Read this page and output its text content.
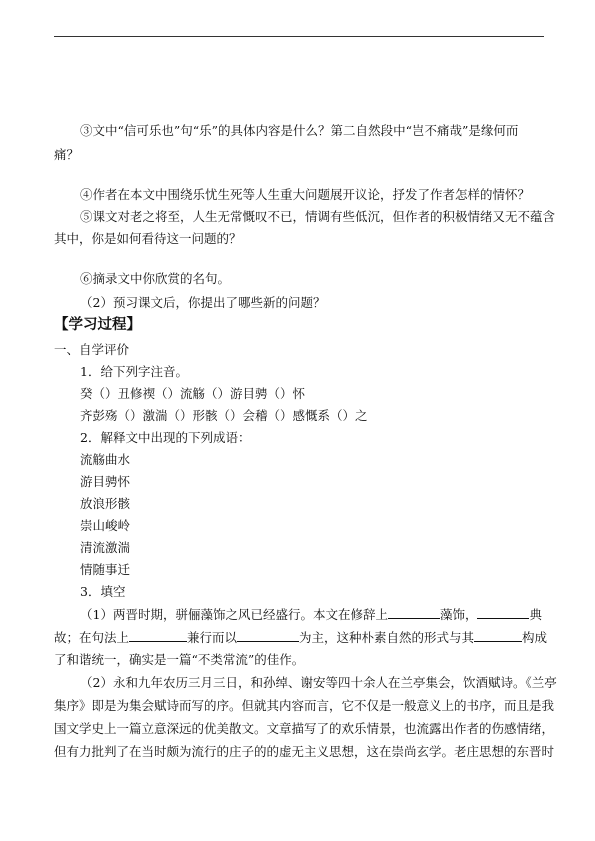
③文中“信可乐也”句“乐”的具体内容是什么？第二自然段中“岂不痛哉”是缘何而
痛？
④作者在本文中围绕乐忧生死等人生重大问题展开议论，抒发了作者怎样的情怀？
⑤课文对老之将至，人生无常慨叹不已，情调有些低沉，但作者的积极情绪又无不蕴含
其中，你是如何看待这一问题的？
⑥摘录文中你欣赏的名句。
（2）预习课文后，你提出了哪些新的问题？
【学习过程】
一、自学评价
1．给下列字注音。
癸（）丑修禊（）流觞（）游目骋（）怀
齐彭殇（）激湍（）形骸（）会稽（）感慨系（）之
2．解释文中出现的下列成语：
流觞曲水
游目骋怀
放浪形骸
崇山峻岭
清流激湍
情随事迁
3．填空
（1）两晋时期，骈俪藻饰之风已经盛行。本文在修辞上	藻饰，	典
故；在句法上	兼行而以	为主，这种朴素自然的形式与其	构成
了和谐统一，确实是一篇“不类常流”的佳作。
（2）永和九年农历三月三日，和孙绰、谢安等四十余人在兰亭集会，饮酒赋诗。《兰亭
集序》即是为集会赋诗而写的序。但就其内容而言，它不仅是一般意义上的书序，而且是我
国文学史上一篇立意深远的优美散文。文章描写了的欢乐情景，也流露出作者的伤感情绪，
但有力批判了在当时颇为流行的庄子的的虚无主义思想，这在崇尚玄学。老庄思想的东晋时
